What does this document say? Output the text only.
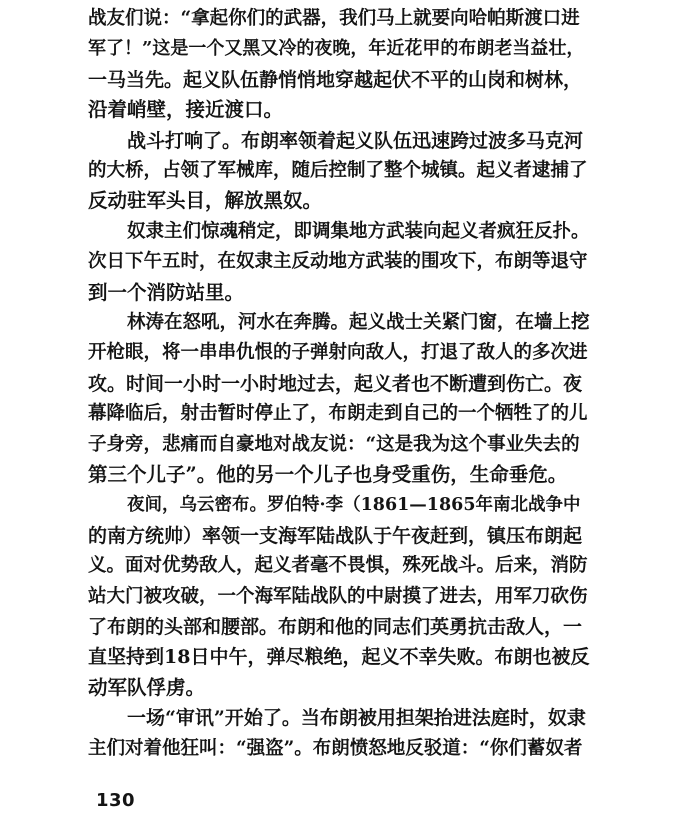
战友们说：“拿起你们的武器，我们马上就要向哈帕斯渡口进
军了！”这是一个又黑又冷的夜晚，年近花甲的布朗老当益壮，
一马当先。起义队伍静悄悄地穿越起伏不平的山岗和树林，
沿着峭壁，接近渡口。
战斗打响了。布朗率领着起义队伍迅速跨过波多马克河
的大桥，占领了军械库，随后控制了整个城镇。起义者逮捕了
反动驻军头目，解放黑奴。
奴隶主们惊魂稍定，即调集地方武装向起义者疯狂反扑。
次日下午五时，在奴隶主反动地方武装的围攻下，布朗等退守
到一个消防站里。
林涛在怒吼，河水在奔腾。起义战士关紧门窗，在墙上挖
开枪眼，将一串串仇恨的子弹射向敌人，打退了敌人的多次进
攻。时间一小时一小时地过去，起义者也不断遭到伤亡。夜
幕降临后，射击暂时停止了，布朗走到自己的一个牺牲了的儿
子身旁，悲痛而自豪地对战友说：“这是我为这个事业失去的
第三个儿子”。他的另一个儿子也身受重伤，生命垂危。
夜间，乌云密布。罗伯特·李（1861—1865年南北战争中
的南方统帅）率领一支海军陆战队于午夜赶到，镇压布朗起
义。面对优势敌人，起义者毫不畏惧，殊死战斗。后来，消防
站大门被攻破，一个海军陆战队的中尉摸了进去，用军刀砍伤
了布朗的头部和腰部。布朗和他的同志们英勇抗击敌人，一
直坚持到18日中午，弹尽粮绝，起义不幸失败。布朗也被反
动军队俘虏。
一场“审讯”开始了。当布朗被用担架抬进法庭时，奴隶
主们对着他狂叫：“强盗”。布朗愤怒地反驳道：“你们蓄奴者
130
